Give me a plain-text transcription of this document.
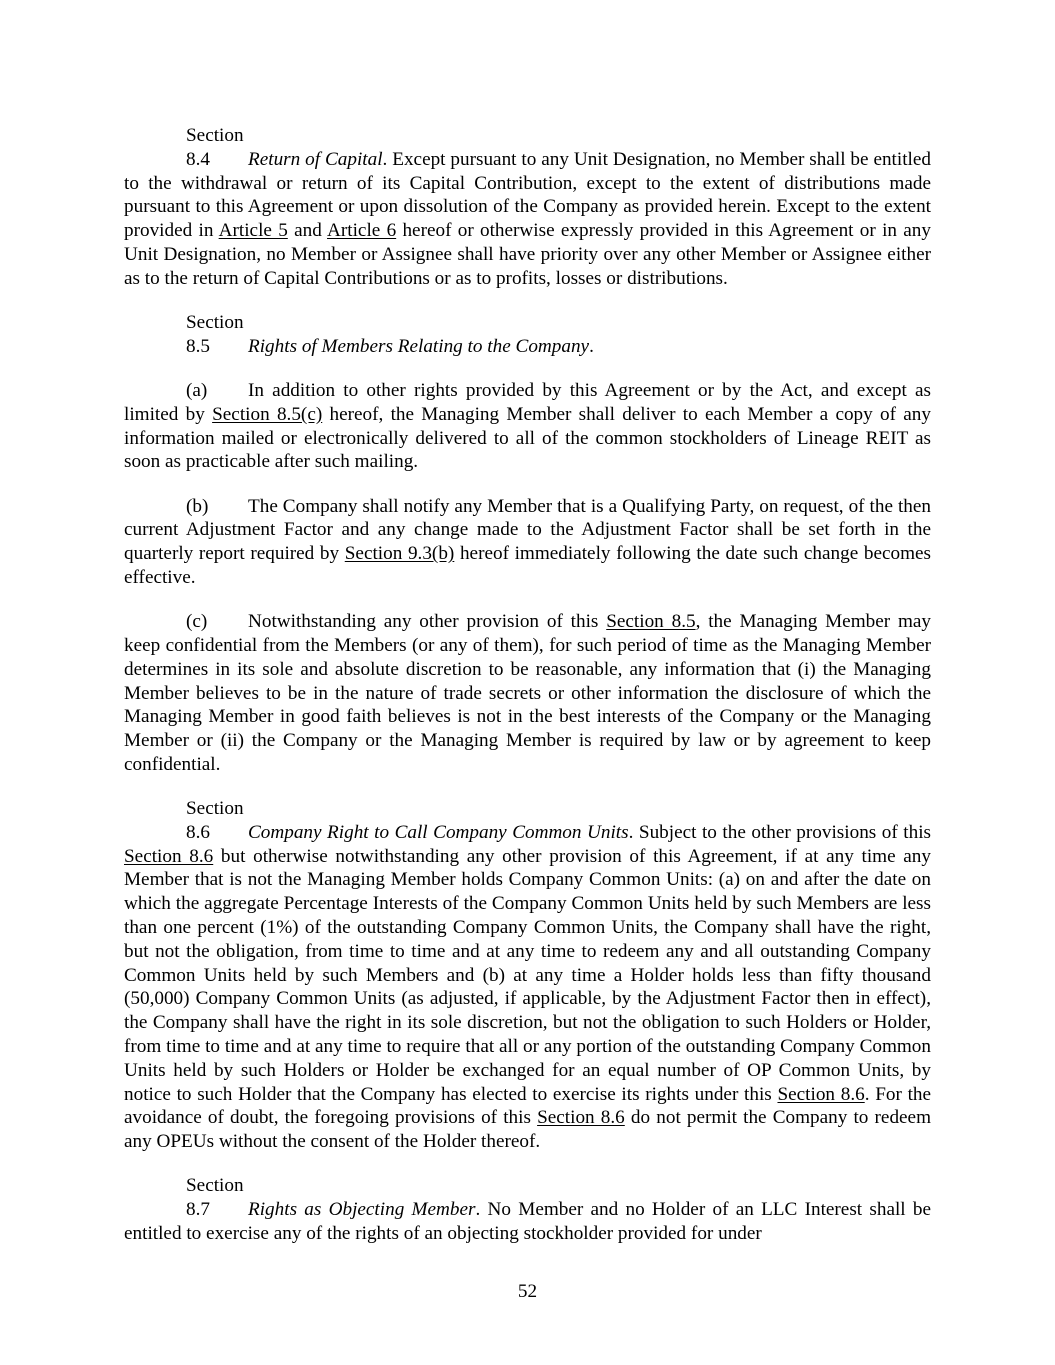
Section 8.4 Return of Capital. Except pursuant to any Unit Designation, no Member shall be entitled to the withdrawal or return of its Capital Contribution, except to the extent of distributions made pursuant to this Agreement or upon dissolution of the Company as provided herein. Except to the extent provided in Article 5 and Article 6 hereof or otherwise expressly provided in this Agreement or in any Unit Designation, no Member or Assignee shall have priority over any other Member or Assignee either as to the return of Capital Contributions or as to profits, losses or distributions.

Section 8.5 Rights of Members Relating to the Company.

(a) In addition to other rights provided by this Agreement or by the Act, and except as limited by Section 8.5(c) hereof, the Managing Member shall deliver to each Member a copy of any information mailed or electronically delivered to all of the common stockholders of Lineage REIT as soon as practicable after such mailing.

(b) The Company shall notify any Member that is a Qualifying Party, on request, of the then current Adjustment Factor and any change made to the Adjustment Factor shall be set forth in the quarterly report required by Section 9.3(b) hereof immediately following the date such change becomes effective.

(c) Notwithstanding any other provision of this Section 8.5, the Managing Member may keep confidential from the Members (or any of them), for such period of time as the Managing Member determines in its sole and absolute discretion to be reasonable, any information that (i) the Managing Member believes to be in the nature of trade secrets or other information the disclosure of which the Managing Member in good faith believes is not in the best interests of the Company or the Managing Member or (ii) the Company or the Managing Member is required by law or by agreement to keep confidential.

Section 8.6 Company Right to Call Company Common Units. Subject to the other provisions of this Section 8.6 but otherwise notwithstanding any other provision of this Agreement, if at any time any Member that is not the Managing Member holds Company Common Units: (a) on and after the date on which the aggregate Percentage Interests of the Company Common Units held by such Members are less than one percent (1%) of the outstanding Company Common Units, the Company shall have the right, but not the obligation, from time to time and at any time to redeem any and all outstanding Company Common Units held by such Members and (b) at any time a Holder holds less than fifty thousand (50,000) Company Common Units (as adjusted, if applicable, by the Adjustment Factor then in effect), the Company shall have the right in its sole discretion, but not the obligation to such Holders or Holder, from time to time and at any time to require that all or any portion of the outstanding Company Common Units held by such Holders or Holder be exchanged for an equal number of OP Common Units, by notice to such Holder that the Company has elected to exercise its rights under this Section 8.6. For the avoidance of doubt, the foregoing provisions of this Section 8.6 do not permit the Company to redeem any OPEUs without the consent of the Holder thereof.

Section 8.7 Rights as Objecting Member. No Member and no Holder of an LLC Interest shall be entitled to exercise any of the rights of an objecting stockholder provided for under

52
